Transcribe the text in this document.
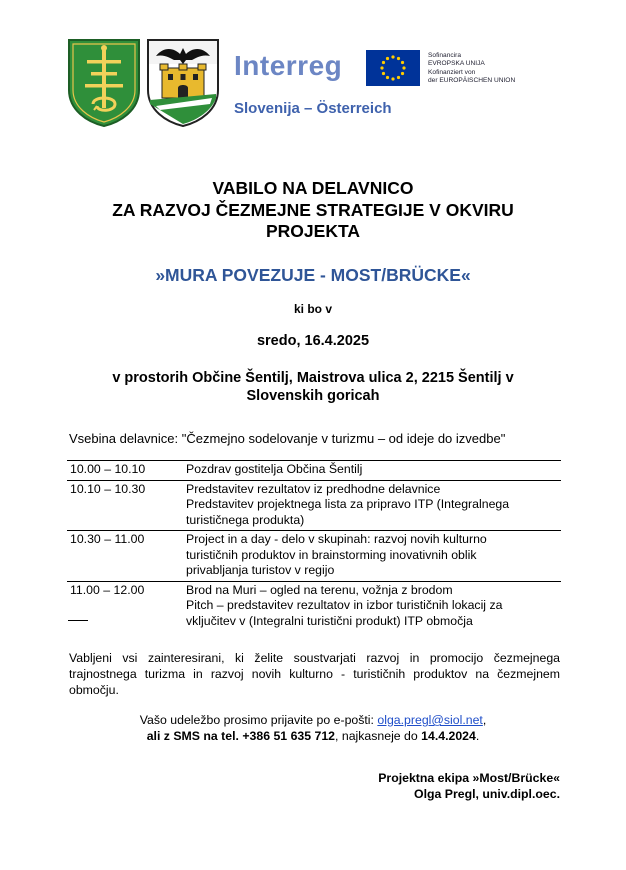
Interreg
Slovenija – Österreich
Sofinancira
EVROPSKA UNIJA
Kofinanziert von
der EUROPÄISCHEN UNION
VABILO NA DELAVNICO
ZA RAZVOJ ČEZMEJNE STRATEGIJE V OKVIRU
PROJEKTA
»MURA POVEZUJE - MOST/BRÜCKE«
ki bo v
sredo, 16.4.2025
v prostorih Občine Šentilj, Maistrova ulica 2, 2215 Šentilj v
Slovenskih goricah
Vsebina delavnice: "Čezmejno sodelovanje v turizmu – od ideje do izvedbe"
10.00 – 10.10	Pozdrav gostitelja Občina Šentilj

10.10 – 10.30	Predstavitev rezultatov iz predhodne delavnice
Predstavitev projektnega lista za pripravo ITP (Integralnega
turističnega produkta)

10.30 – 11.00	Project in a day - delo v skupinah: razvoj novih kulturno
turističnih produktov in brainstorming inovativnih oblik
privabljanja turistov v regijo

11.00 – 12.00	Brod na Muri – ogled na terenu, vožnja z brodom
Pitch – predstavitev rezultatov in izbor turističnih lokacij za
vključitev v (Integralni turistični produkt) ITP območja
Vabljeni vsi zainteresirani, ki želite soustvarjati razvoj in promocijo čezmejnega trajnostnega turizma in razvoj novih kulturno - turističnih produktov na čezmejnem območju.
Vašo udeležbo prosimo prijavite po e-pošti: olga.pregl@siol.net,
ali z SMS na tel. +386 51 635 712, najkasneje do 14.4.2024.
Projektna ekipa »Most/Brücke«
Olga Pregl, univ.dipl.oec.
